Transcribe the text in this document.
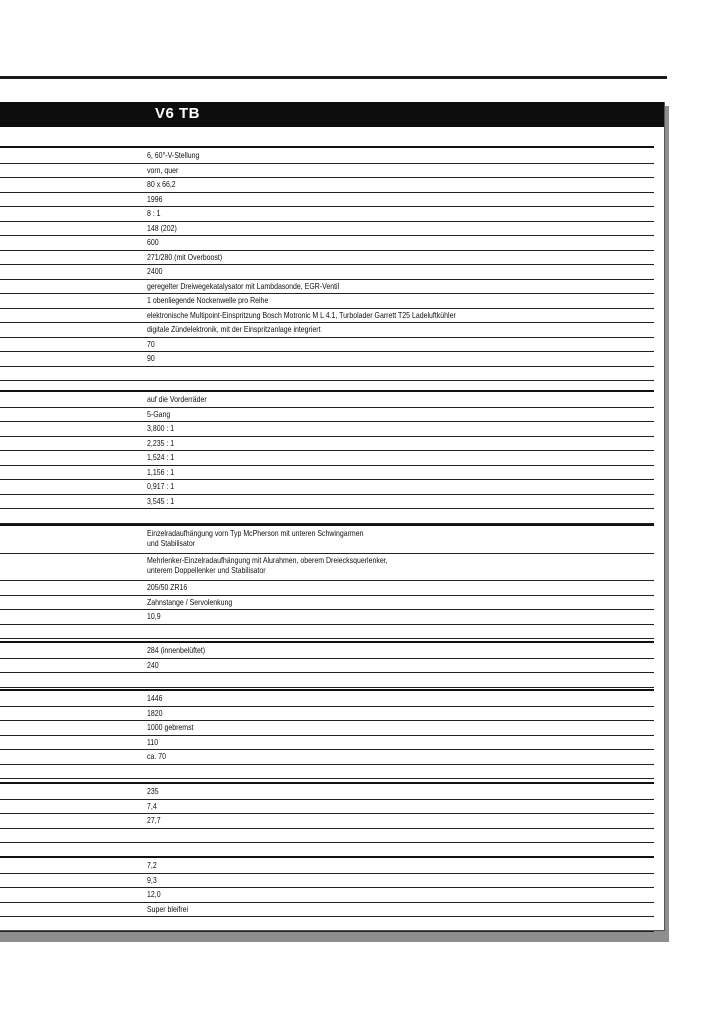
V6 TB
6, 60°-V-Stellung
vorn, quer
80 x 66,2
1996
8 : 1
148 (202)
600
271/280 (mit Overboost)
2400
geregelter Dreiwegekatalysator mit Lambdasonde, EGR-Ventil
1 obenliegende Nockenwelle pro Reihe
elektronische Multipoint-Einspritzung Bosch Motronic M L 4.1, Turbolader Garrett T25 Ladeluftkühler
digitale Zündelektronik, mit der Einspritzanlage integriert
70
90
auf die Vorderräder
5-Gang
3,800 : 1
2,235 : 1
1,524 : 1
1,156 : 1
0,917 : 1
3,545 : 1
Einzelradaufhängung vorn Typ McPherson mit unteren Schwingarmen
und Stabilisator
Mehrlenker-Einzelradaufhängung mit Alurahmen, oberem Dreiecksquerlenker,
unterem Doppellenker und Stabilisator
205/50 ZR16
Zahnstange / Servolenkung
10,9
284 (innenbelüftet)
240
1446
1820
1000 gebremst
110
ca. 70
235
7,4
27,7
7,2
9,3
12,0
Super bleifrei
